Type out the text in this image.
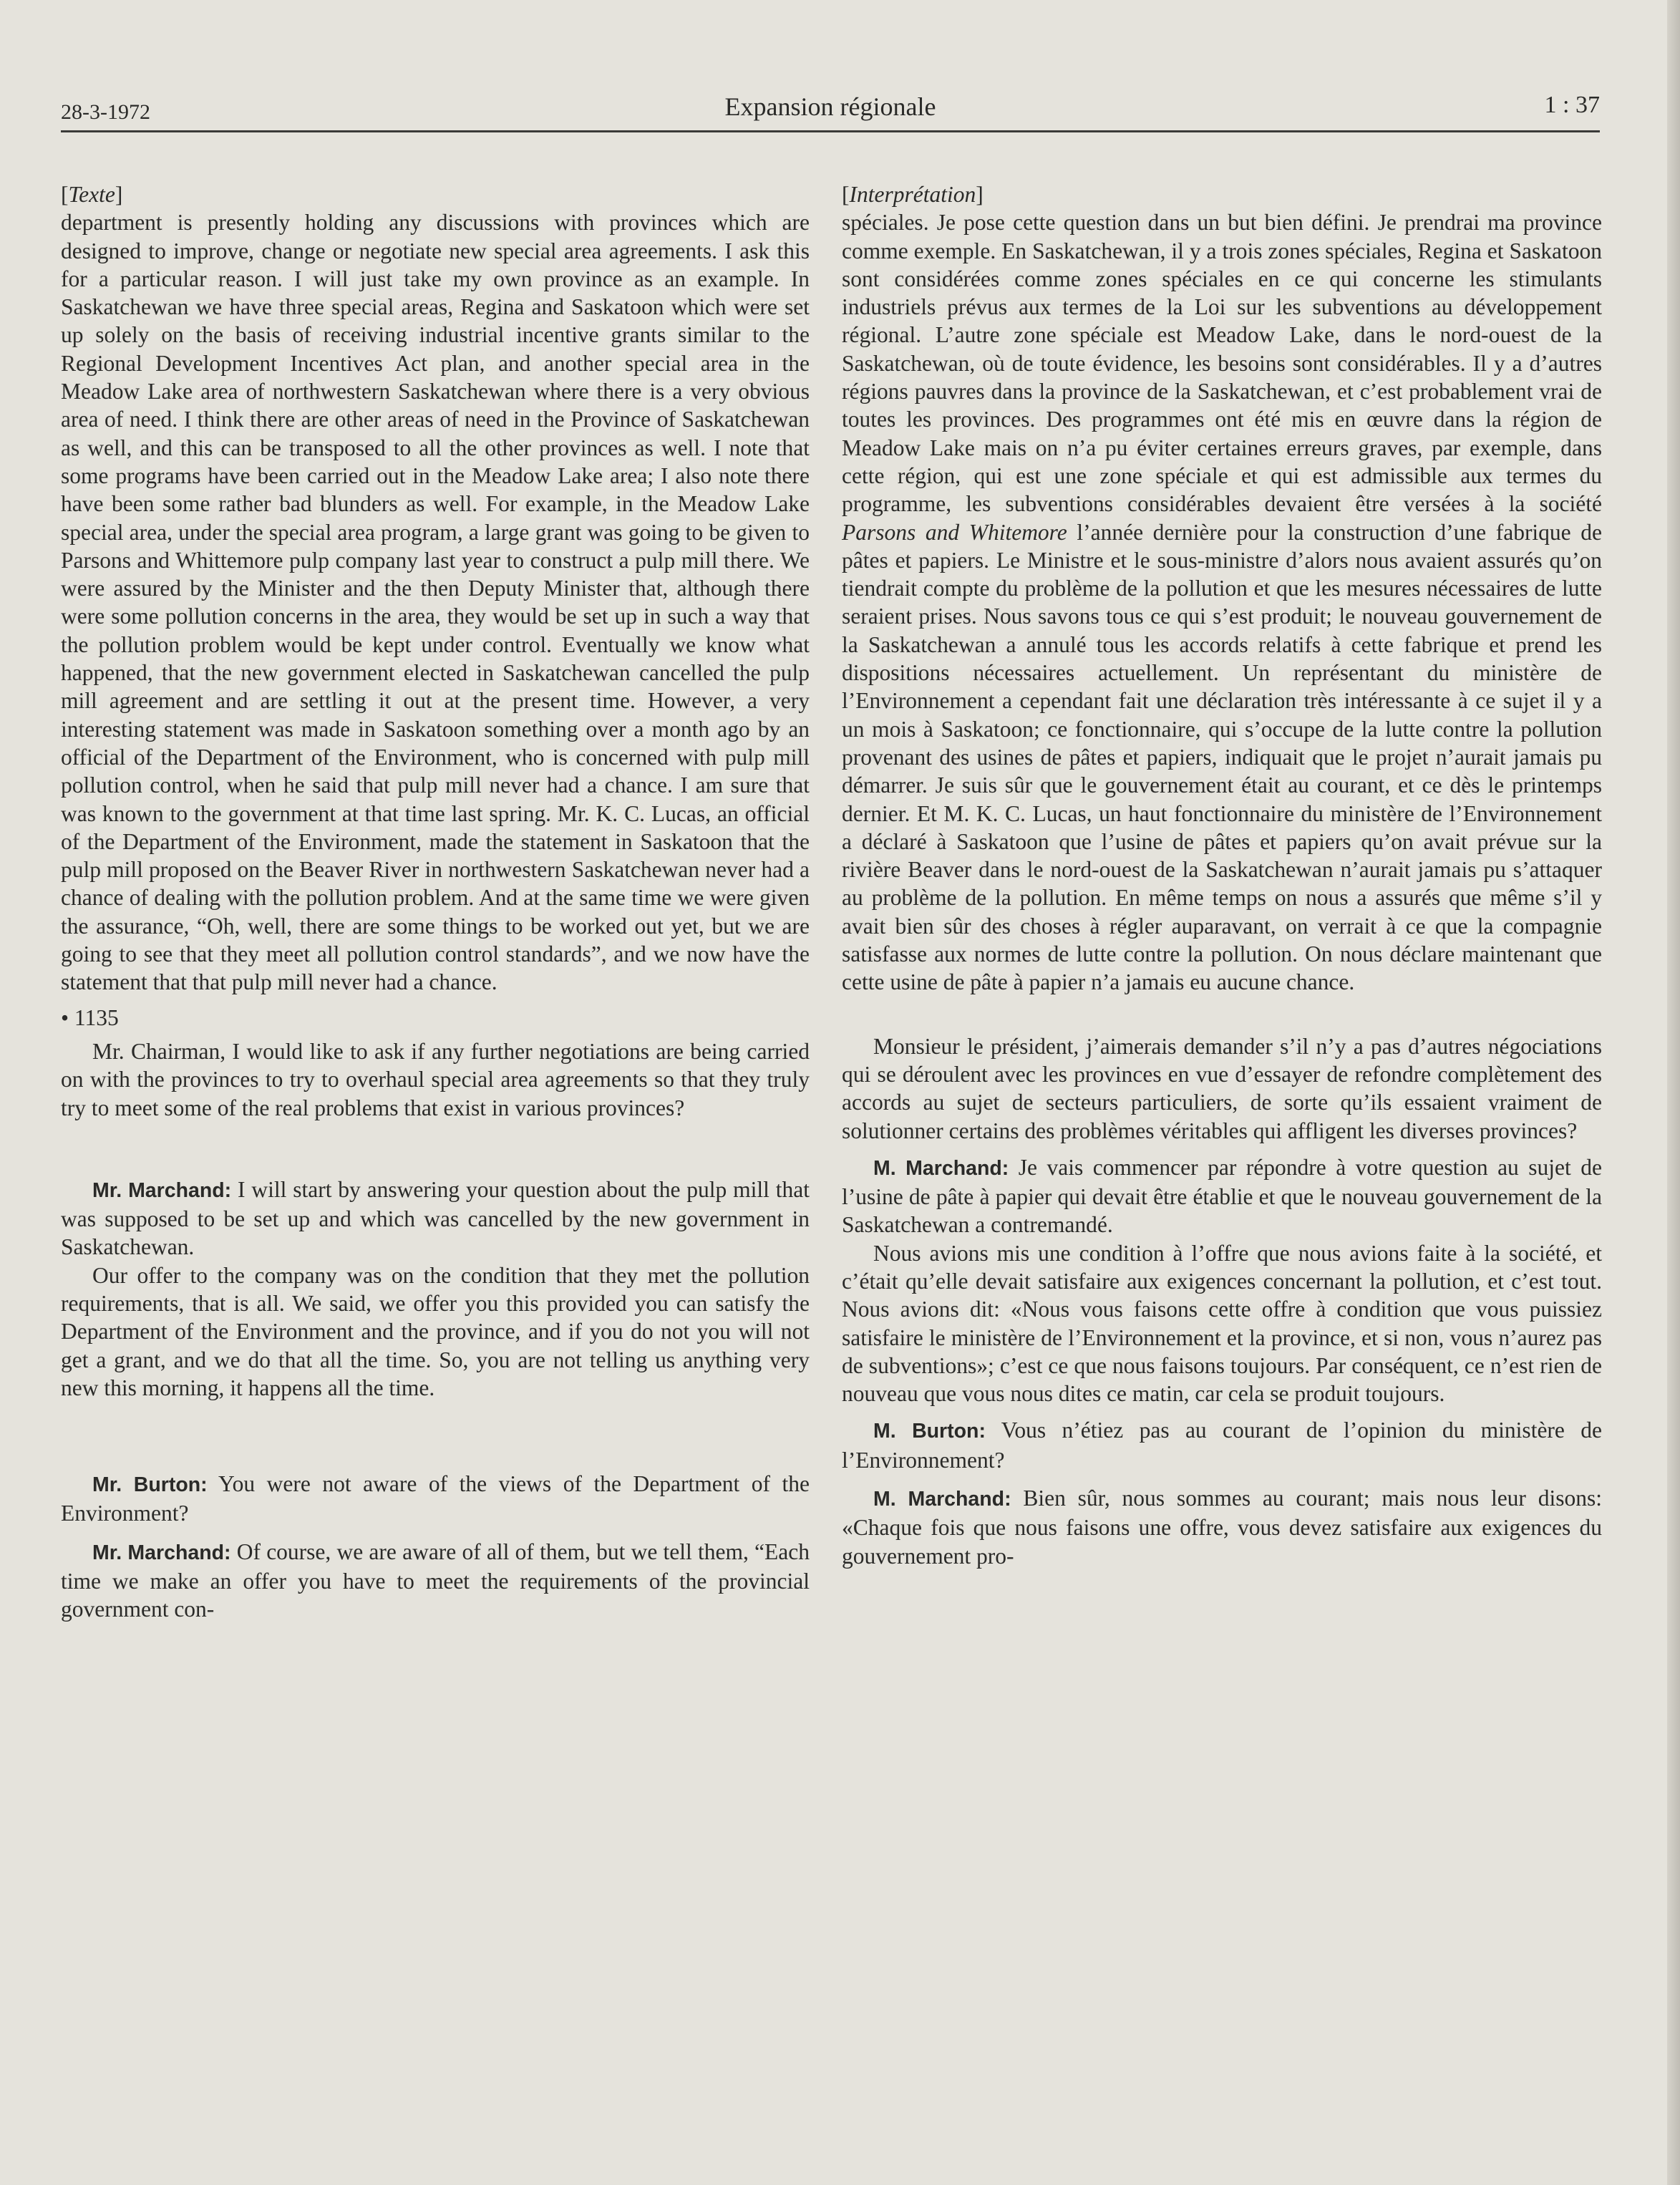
28-3-1972	Expansion régionale	1 : 37

[Texte]

department is presently holding any discussions with provinces which are designed to improve, change or negotiate new special area agreements. I ask this for a particular reason. I will just take my own province as an example. In Saskatchewan we have three special areas, Regina and Saskatoon which were set up solely on the basis of receiving industrial incentive grants similar to the Regional Development Incentives Act plan, and another special area in the Meadow Lake area of northwestern Saskatchewan where there is a very obvious area of need. I think there are other areas of need in the Province of Saskatchewan as well, and this can be transposed to all the other provinces as well. I note that some programs have been carried out in the Meadow Lake area; I also note there have been some rather bad blunders as well. For example, in the Meadow Lake special area, under the special area program, a large grant was going to be given to Parsons and Whittemore pulp company last year to construct a pulp mill there. We were assured by the Minister and the then Deputy Minister that, although there were some pollution concerns in the area, they would be set up in such a way that the pollution problem would be kept under control. Eventually we know what happened, that the new government elected in Saskatchewan cancelled the pulp mill agreement and are settling it out at the present time. However, a very interesting statement was made in Saskatoon something over a month ago by an official of the Department of the Environment, who is concerned with pulp mill pollution control, when he said that pulp mill never had a chance. I am sure that was known to the government at that time last spring. Mr. K. C. Lucas, an official of the Department of the Environment, made the statement in Saskatoon that the pulp mill proposed on the Beaver River in northwestern Saskatchewan never had a chance of dealing with the pollution problem. And at the same time we were given the assurance, “Oh, well, there are some things to be worked out yet, but we are going to see that they meet all pollution control standards”, and we now have the statement that that pulp mill never had a chance.

• 1135

Mr. Chairman, I would like to ask if any further negotiations are being carried on with the provinces to try to overhaul special area agreements so that they truly try to meet some of the real problems that exist in various provinces?

Mr. Marchand: I will start by answering your question about the pulp mill that was supposed to be set up and which was cancelled by the new government in Saskatchewan.

Our offer to the company was on the condition that they met the pollution requirements, that is all. We said, we offer you this provided you can satisfy the Department of the Environment and the province, and if you do not you will not get a grant, and we do that all the time. So, you are not telling us anything very new this morning, it happens all the time.

Mr. Burton: You were not aware of the views of the Department of the Environment?

Mr. Marchand: Of course, we are aware of all of them, but we tell them, “Each time we make an offer you have to meet the requirements of the provincial government con-

[Interprétation]

spéciales. Je pose cette question dans un but bien défini. Je prendrai ma province comme exemple. En Saskatchewan, il y a trois zones spéciales, Regina et Saskatoon sont considérées comme zones spéciales en ce qui concerne les stimulants industriels prévus aux termes de la Loi sur les subventions au développement régional. L’autre zone spéciale est Meadow Lake, dans le nord-ouest de la Saskatchewan, où de toute évidence, les besoins sont considérables. Il y a d’autres régions pauvres dans la province de la Saskatchewan, et c’est probablement vrai de toutes les provinces. Des programmes ont été mis en œuvre dans la région de Meadow Lake mais on n’a pu éviter certaines erreurs graves, par exemple, dans cette région, qui est une zone spéciale et qui est admissible aux termes du programme, les subventions considérables devaient être versées à la société Parsons and Whitemore l’année dernière pour la construction d’une fabrique de pâtes et papiers. Le Ministre et le sous-ministre d’alors nous avaient assurés qu’on tiendrait compte du problème de la pollution et que les mesures nécessaires de lutte seraient prises. Nous savons tous ce qui s’est produit; le nouveau gouvernement de la Saskatchewan a annulé tous les accords relatifs à cette fabrique et prend les dispositions nécessaires actuellement. Un représentant du ministère de l’Environnement a cependant fait une déclaration très intéressante à ce sujet il y a un mois à Saskatoon; ce fonctionnaire, qui s’occupe de la lutte contre la pollution provenant des usines de pâtes et papiers, indiquait que le projet n’aurait jamais pu démarrer. Je suis sûr que le gouvernement était au courant, et ce dès le printemps dernier. Et M. K. C. Lucas, un haut fonctionnaire du ministère de l’Environnement a déclaré à Saskatoon que l’usine de pâtes et papiers qu’on avait prévue sur la rivière Beaver dans le nord-ouest de la Saskatchewan n’aurait jamais pu s’attaquer au problème de la pollution. En même temps on nous a assurés que même s’il y avait bien sûr des choses à régler auparavant, on verrait à ce que la compagnie satisfasse aux normes de lutte contre la pollution. On nous déclare maintenant que cette usine de pâte à papier n’a jamais eu aucune chance.

Monsieur le président, j’aimerais demander s’il n’y a pas d’autres négociations qui se déroulent avec les provinces en vue d’essayer de refondre complètement des accords au sujet de secteurs particuliers, de sorte qu’ils essaient vraiment de solutionner certains des problèmes véritables qui affligent les diverses provinces?

M. Marchand: Je vais commencer par répondre à votre question au sujet de l’usine de pâte à papier qui devait être établie et que le nouveau gouvernement de la Saskatchewan a contremandé.

Nous avions mis une condition à l’offre que nous avions faite à la société, et c’était qu’elle devait satisfaire aux exigences concernant la pollution, et c’est tout. Nous avions dit: «Nous vous faisons cette offre à condition que vous puissiez satisfaire le ministère de l’Environnement et la province, et si non, vous n’aurez pas de subventions»; c’est ce que nous faisons toujours. Par conséquent, ce n’est rien de nouveau que vous nous dites ce matin, car cela se produit toujours.

M. Burton: Vous n’étiez pas au courant de l’opinion du ministère de l’Environnement?

M. Marchand: Bien sûr, nous sommes au courant; mais nous leur disons: «Chaque fois que nous faisons une offre, vous devez satisfaire aux exigences du gouvernement pro-
